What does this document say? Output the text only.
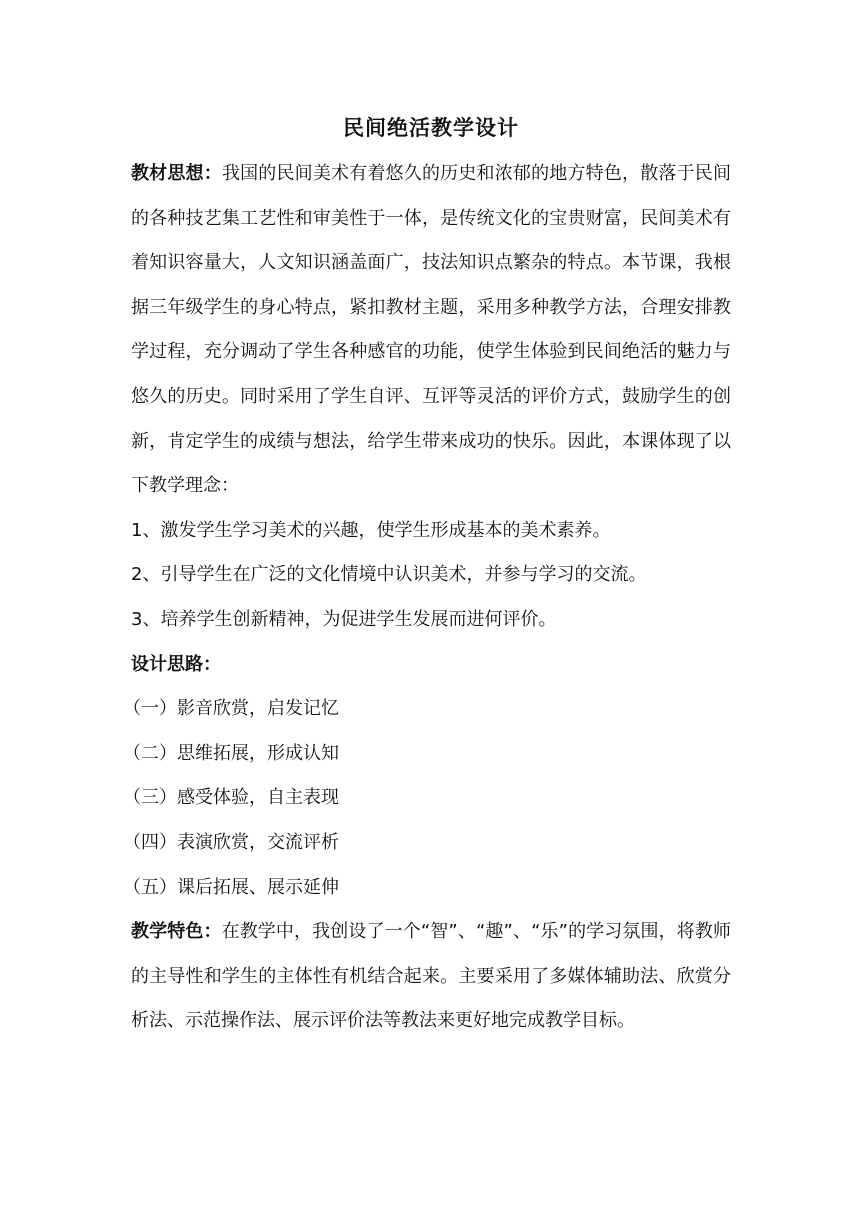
民间绝活教学设计

教材思想：我国的民间美术有着悠久的历史和浓郁的地方特色，散落于民间的各种技艺集工艺性和审美性于一体，是传统文化的宝贵财富，民间美术有着知识容量大，人文知识涵盖面广，技法知识点繁杂的特点。本节课，我根据三年级学生的身心特点，紧扣教材主题，采用多种教学方法，合理安排教学过程，充分调动了学生各种感官的功能，使学生体验到民间绝活的魅力与悠久的历史。同时采用了学生自评、互评等灵活的评价方式，鼓励学生的创新，肯定学生的成绩与想法，给学生带来成功的快乐。因此，本课体现了以下教学理念：

1、激发学生学习美术的兴趣，使学生形成基本的美术素养。

2、引导学生在广泛的文化情境中认识美术，并参与学习的交流。

3、培养学生创新精神，为促进学生发展而进何评价。

设计思路：

（一）影音欣赏，启发记忆

（二）思维拓展，形成认知

（三）感受体验，自主表现

（四）表演欣赏，交流评析

（五）课后拓展、展示延伸

教学特色：在教学中，我创设了一个“智”、“趣”、“乐”的学习氛围，将教师的主导性和学生的主体性有机结合起来。主要采用了多媒体辅助法、欣赏分析法、示范操作法、展示评价法等教法来更好地完成教学目标。
